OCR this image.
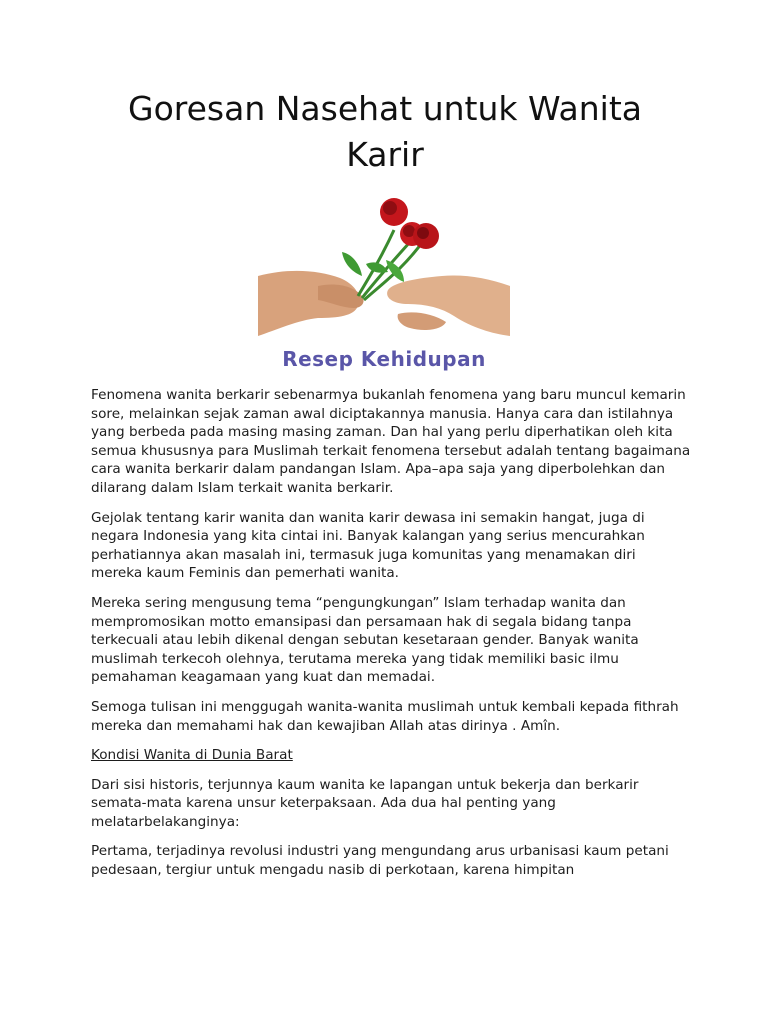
Goresan Nasehat untuk Wanita Karir
Resep Kehidupan

Fenomena wanita berkarir sebenarmya bukanlah fenomena yang baru muncul kemarin sore, melainkan sejak zaman awal diciptakannya manusia. Hanya cara dan istilahnya yang berbeda pada masing masing zaman. Dan hal yang perlu diperhatikan oleh kita semua khususnya para Muslimah terkait fenomena tersebut adalah tentang bagaimana cara wanita berkarir dalam pandangan Islam. Apa–apa saja yang diperbolehkan dan dilarang dalam Islam terkait wanita berkarir.

Gejolak tentang karir wanita dan wanita karir dewasa ini semakin hangat, juga di negara Indonesia yang kita cintai ini. Banyak kalangan yang serius mencurahkan perhatiannya akan masalah ini, termasuk juga komunitas yang menamakan diri mereka kaum Feminis dan pemerhati wanita.

Mereka sering mengusung tema “pengungkungan” Islam terhadap wanita dan mempromosikan motto emansipasi dan persamaan hak di segala bidang tanpa terkecuali atau lebih dikenal dengan sebutan kesetaraan gender. Banyak wanita muslimah terkecoh olehnya, terutama mereka yang tidak memiliki basic ilmu pemahaman keagamaan yang kuat dan memadai.

Semoga tulisan ini menggugah wanita-wanita muslimah untuk kembali kepada fithrah mereka dan memahami hak dan kewajiban Allah atas dirinya . Amîn.

Kondisi Wanita di Dunia Barat

Dari sisi historis, terjunnya kaum wanita ke lapangan untuk bekerja dan berkarir semata-mata karena unsur keterpaksaan. Ada dua hal penting yang melatarbelakanginya:

Pertama, terjadinya revolusi industri yang mengundang arus urbanisasi kaum petani pedesaan, tergiur untuk mengadu nasib di perkotaan, karena himpitan
